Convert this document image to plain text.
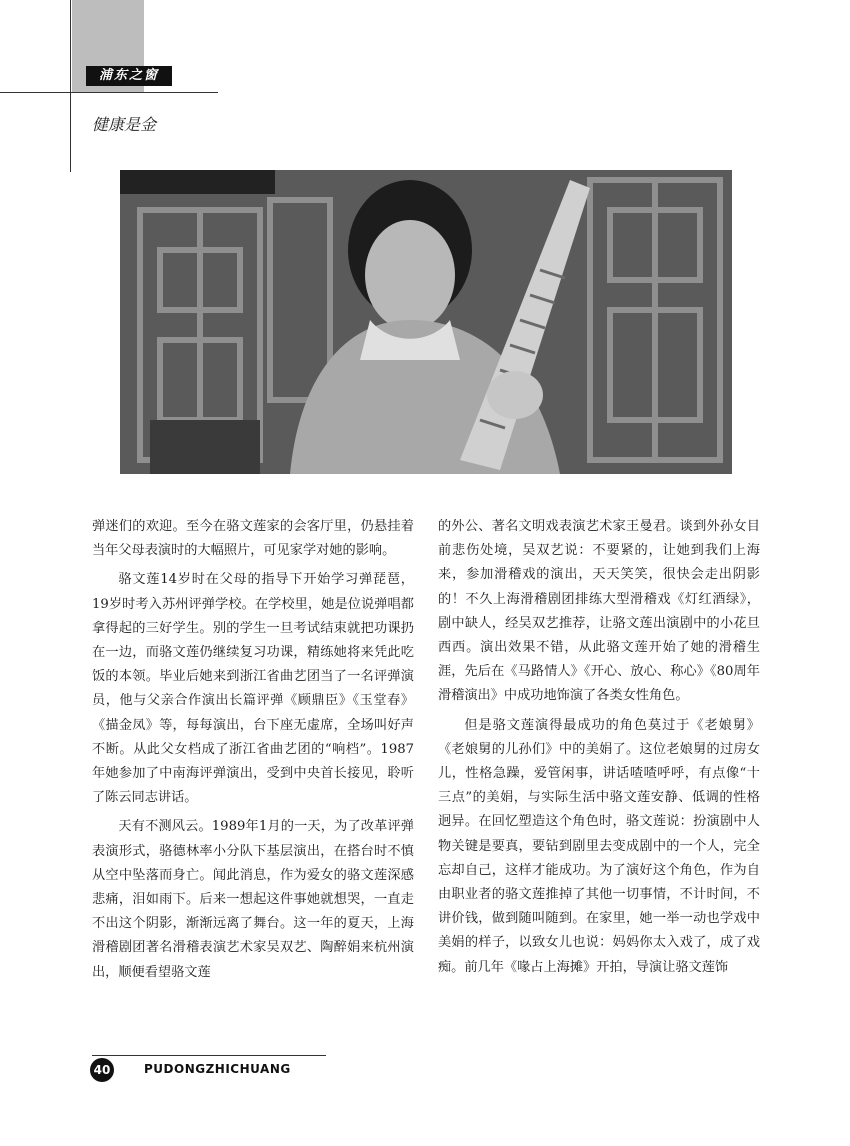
浦东之窗
健康是金

弹迷们的欢迎。至今在骆文莲家的会客厅里，仍悬挂着当年父母表演时的大幅照片，可见家学对她的影响。

骆文莲14岁时在父母的指导下开始学习弹琵琶，19岁时考入苏州评弹学校。在学校里，她是位说弹唱都拿得起的三好学生。别的学生一旦考试结束就把功课扔在一边，而骆文莲仍继续复习功课，精练她将来凭此吃饭的本领。毕业后她来到浙江省曲艺团当了一名评弹演员，他与父亲合作演出长篇评弹《顾鼎臣》《玉堂春》《描金凤》等，每每演出，台下座无虚席，全场叫好声不断。从此父女档成了浙江省曲艺团的“响档”。1987年她参加了中南海评弹演出，受到中央首长接见，聆听了陈云同志讲话。

天有不测风云。1989年1月的一天，为了改革评弹表演形式，骆德林率小分队下基层演出，在搭台时不慎从空中坠落而身亡。闻此消息，作为爱女的骆文莲深感悲痛，泪如雨下。后来一想起这件事她就想哭，一直走不出这个阴影，渐渐远离了舞台。这一年的夏天，上海滑稽剧团著名滑稽表演艺术家吴双艺、陶醉娟来杭州演出，顺便看望骆文莲

的外公、著名文明戏表演艺术家王曼君。谈到外孙女目前悲伤处境，吴双艺说：不要紧的，让她到我们上海来，参加滑稽戏的演出，天天笑笑，很快会走出阴影的！不久上海滑稽剧团排练大型滑稽戏《灯红酒绿》，剧中缺人，经吴双艺推荐，让骆文莲出演剧中的小花旦西西。演出效果不错，从此骆文莲开始了她的滑稽生涯，先后在《马路情人》《开心、放心、称心》《80周年滑稽演出》中成功地饰演了各类女性角色。

但是骆文莲演得最成功的角色莫过于《老娘舅》《老娘舅的儿孙们》中的美娟了。这位老娘舅的过房女儿，性格急躁，爱管闲事，讲话喳喳呼呼，有点像“十三点”的美娟，与实际生活中骆文莲安静、低调的性格迥异。在回忆塑造这个角色时，骆文莲说：扮演剧中人物关键是要真，要钻到剧里去变成剧中的一个人，完全忘却自己，这样才能成功。为了演好这个角色，作为自由职业者的骆文莲推掉了其他一切事情，不计时间，不讲价钱，做到随叫随到。在家里，她一举一动也学戏中美娟的样子，以致女儿也说：妈妈你太入戏了，成了戏痴。前几年《喙占上海摊》开拍，导演让骆文莲饰

40	PUDONGZHICHUANG
